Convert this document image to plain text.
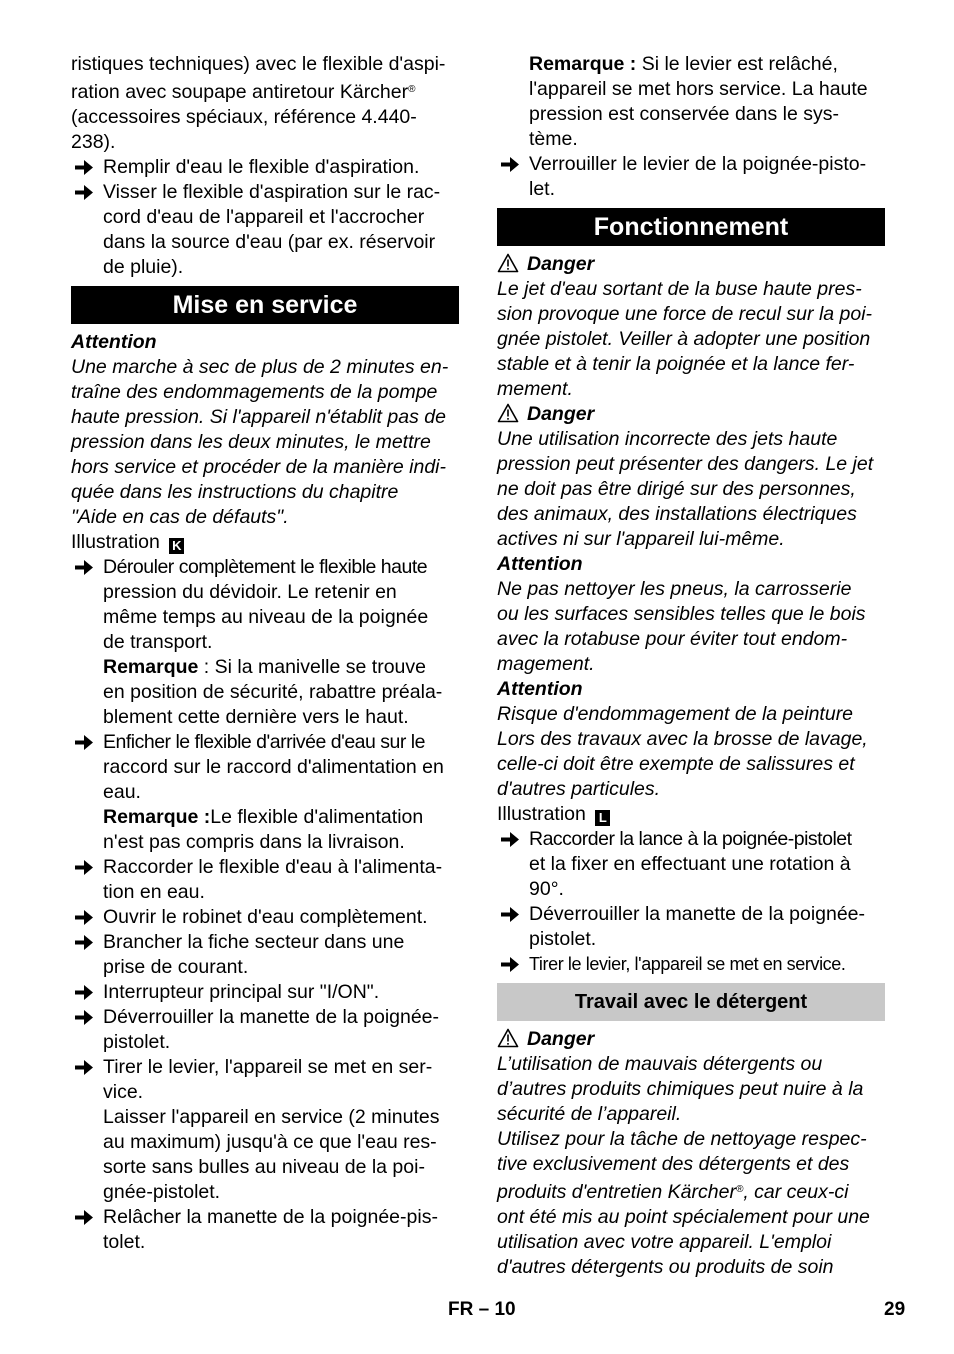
ristiques techniques) avec le flexible d'aspi-
ration avec soupape antiretour Kärcher®
(accessoires spéciaux, référence 4.440-
238).
Remplir d'eau le flexible d'aspiration.
Visser le flexible d'aspiration sur le rac-
cord d'eau de l'appareil et l'accrocher
dans la source d'eau (par ex. réservoir
de pluie).
Mise en service
Attention
Une marche à sec de plus de 2 minutes en-
traîne des endommagements de la pompe
haute pression. Si l'appareil n'établit pas de
pression dans les deux minutes, le mettre
hors service et procéder de la manière indi-
quée dans les instructions du chapitre
"Aide en cas de défauts".
Illustration K
Dérouler complètement le flexible haute
pression du dévidoir. Le retenir en
même temps au niveau de la poignée
de transport.
Remarque : Si la manivelle se trouve
en position de sécurité, rabattre préala-
blement cette dernière vers le haut.
Enficher le flexible d'arrivée d'eau sur le
raccord sur le raccord d'alimentation en
eau.
Remarque :Le flexible d'alimentation
n'est pas compris dans la livraison.
Raccorder le flexible d'eau à l'alimenta-
tion en eau.
Ouvrir le robinet d'eau complètement.
Brancher la fiche secteur dans une
prise de courant.
Interrupteur principal sur "I/ON".
Déverrouiller la manette de la poignée-
pistolet.
Tirer le levier, l'appareil se met en ser-
vice.
Laisser l'appareil en service (2 minutes
au maximum) jusqu'à ce que l'eau res-
sorte sans bulles au niveau de la poi-
gnée-pistolet.
Relâcher la manette de la poignée-pis-
tolet.
Remarque : Si le levier est relâché,
l'appareil se met hors service. La haute
pression est conservée dans le sys-
tème.
Verrouiller le levier de la poignée-pisto-
let.
Fonctionnement
Danger
Le jet d'eau sortant de la buse haute pres-
sion provoque une force de recul sur la poi-
gnée pistolet. Veiller à adopter une position
stable et à tenir la poignée et la lance fer-
mement.
Danger
Une utilisation incorrecte des jets haute
pression peut présenter des dangers. Le jet
ne doit pas être dirigé sur des personnes,
des animaux, des installations électriques
actives ni sur l'appareil lui-même.
Attention
Ne pas nettoyer les pneus, la carrosserie
ou les surfaces sensibles telles que le bois
avec la rotabuse pour éviter tout endom-
magement.
Attention
Risque d'endommagement de la peinture
Lors des travaux avec la brosse de lavage,
celle-ci doit être exempte de salissures et
d'autres particules.
Illustration L
Raccorder la lance à la poignée-pistolet
et la fixer en effectuant une rotation à
90°.
Déverrouiller la manette de la poignée-
pistolet.
Tirer le levier, l'appareil se met en service.
Travail avec le détergent
Danger
L’utilisation de mauvais détergents ou
d’autres produits chimiques peut nuire à la
sécurité de l’appareil.
Utilisez pour la tâche de nettoyage respec-
tive exclusivement des détergents et des
produits d'entretien Kärcher®, car ceux-ci
ont été mis au point spécialement pour une
utilisation avec votre appareil. L'emploi
d'autres détergents ou produits de soin
FR – 10	29
